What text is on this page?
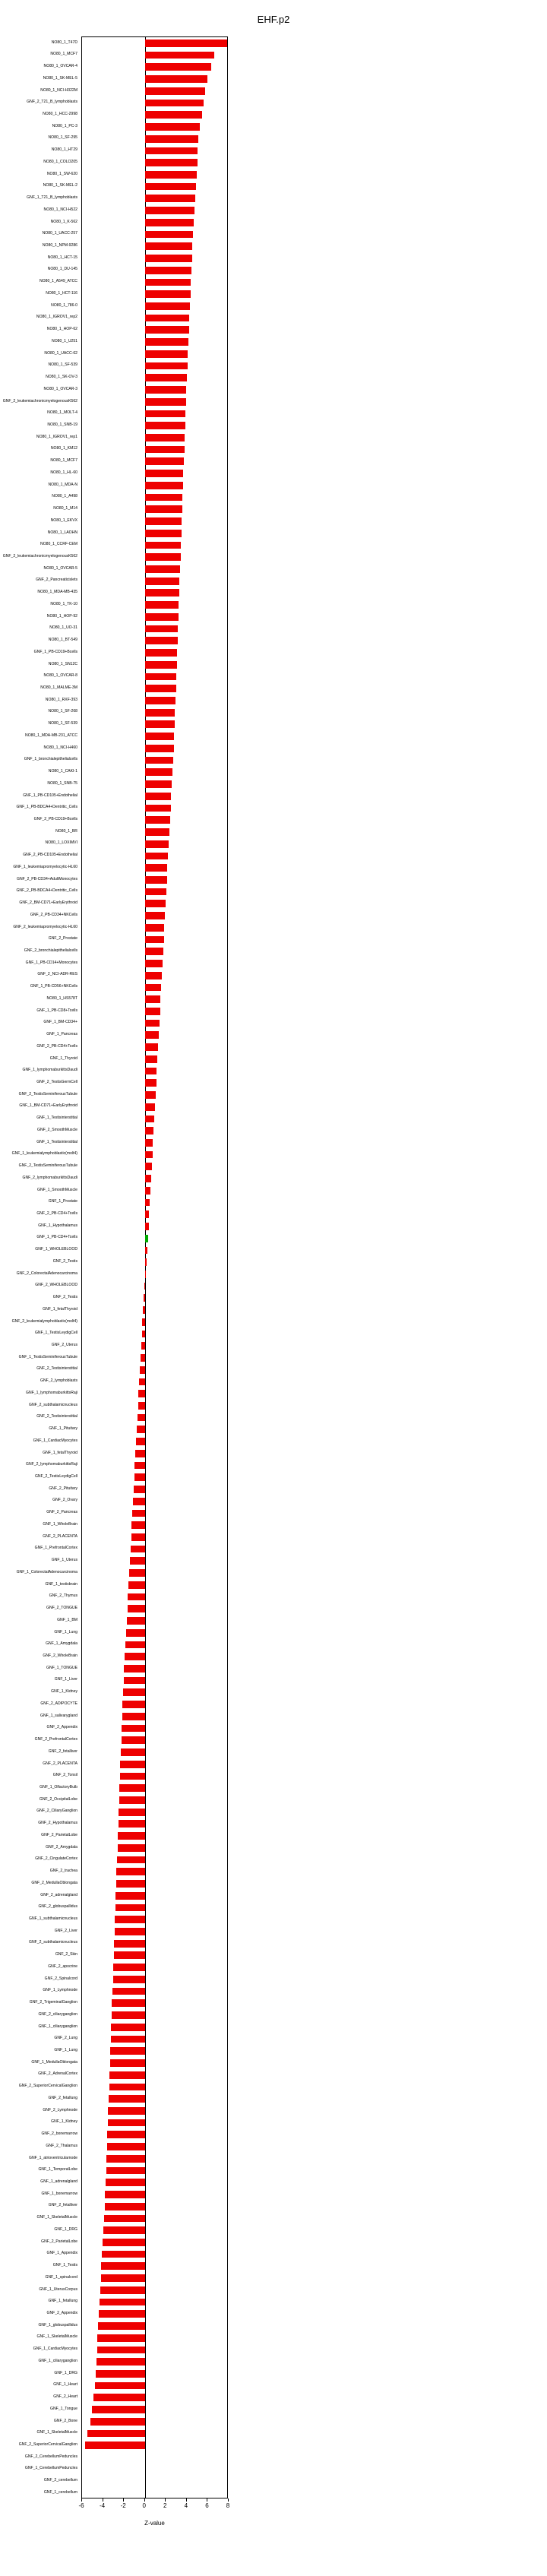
EHF.p2
NO80_1_T47D
NO80_1_MCF7
NO80_1_OVCAR-4
NO80_1_SK-MEL-5
NO80_1_NCI-H322M
GNF_2_T21_B_lymphoblasts
NO80_1_HCC-2998
NO80_1_PC-3
NO80_1_SF-295
NO80_1_HT29
NO80_1_COLO205
NO80_1_SW-620
NO80_1_SK-MEL-2
GNF_1_T21_B_lymphoblasts
NO80_1_NCI-H522
NO80_1_K-562
NO80_1_UACC-257
NO80_1_NPM-9286
NO80_1_HCT-15
NO80_1_DU-145
NO80_1_A549_ATCC
NO80_1_HCT-116
NO80_1_786-0
NO80_1_IGROV1_rep2
NO80_1_HOP-62
NO80_1_U251
NO80_1_UACC-62
NO80_1_SF-539
NO80_1_SK-OV-3
NO80_1_OVCAR-3
GNF_2_leukemiachronicmyelogenousK562
NO80_1_MOLT-4
NO80_1_SNB-19
NO80_1_IGROV1_rep1
NO80_1_KM12
NO80_1_MCF7
NO80_1_HL-60
NO80_1_MDA-N
NO80_1_A498
NO80_1_M14
NO80_1_EKVX
NO80_1_LAOHN
NO80_1_CCRF-CEM
GNF_2_leukemiachronicmyelogenousK562
NO80_1_OVCAR-5
GNF_2_Pancreaticislets
NO80_1_MDA-MB-435
NO80_1_TK-10
NO80_1_HOP-92
NO80_1_UO-31
NO80_1_BT-549
GNF_1_PB-CD19+Bcells
NO80_1_SN12C
NO80_1_OVCAR-8
NO80_1_MALME-3M
NO80_1_RXF-393
NO80_1_SF-268
NO80_1_SF-539
NO80_1_MDA-MB-231_ATCC
NO80_1_NCI-H460
GNF_1_bronchialepithelialcells
NO80_1_CAKI-1
NO80_1_SNB-75
GNF_1_PB-CD105+Endothelial
GNF_1_PB-BDCA4+Dentritic_Cells
GNF_2_PB-CD19+Bcells
NO80_1_BR
NO80_1_LOXIMVI
GNF_2_PB-CD105+Endothelial
GNF_1_leukemiapromyelocytic-HL60
GNF_2_PB-CD34+AdultMonocytes
GNF_2_PB-BDCA4+Dentritic_Cells
GNF_2_BM-CD71+EarlyErythroid
GNF_2_PB-CD34+NKCells
GNF_2_leukemiapromyelocytic-HL60
GNF_2_Prostate
GNF_2_bronchialepithelialcells
GNF_1_PB-CD14+Monocytes
GNF_2_NCI-ADR-RES
GNF_1_PB-CD56+NKCells
NO80_1_HS578T
GNF_1_PB-CD8+Tcells
GNF_1_BM-CD34+
GNF_1_Pancreas
GNF_2_PB-CD4+Tcells
GNF_1_Thyroid
GNF_1_lymphomaburkittsDaudi
GNF_2_TestisGermCell
GNF_2_TestisSeminiferousTubule
GNF_1_BM-CD71+EarlyErythroid
GNF_1_Testisinterstitial
GNF_2_SmoothMuscle
GNF_1_Testisinterstitial
GNF_1_leukemialymphoblastic(molt4)
GNF_2_TestisSeminiferousTubule
GNF_2_lymphomaburkittsDaudi
GNF_1_SmoothMuscle
GNF_1_Prostate
GNF_2_PB-CD4+Tcells
GNF_1_Hypothalamus
GNF_1_PB-CD4+Tcells
GNF_1_WHOLEBLOOD
GNF_2_Testis
GNF_2_ColorectalAdenocarcinoma
GNF_2_WHOLEBLOOD
GNF_2_Testis
GNF_1_fetalThyroid
GNF_2_leukemialymphoblastic(molt4)
GNF_1_TestisLeydigCell
GNF_2_Uterus
GNF_1_TestisSeminiferousTubule
GNF_2_Testisinterstitial
GNF_2_lymphoblasts
GNF_1_lymphomaburkittsRaji
GNF_2_subthalamicnucleus
GNF_2_Testisinterstitial
GNF_1_Pituitary
GNF_1_CardiacMyocytes
GNF_1_fetalThyroid
GNF_2_lymphomaburkittsRaji
GNF_2_TestisLeydigCell
GNF_2_Pituitary
GNF_2_Ovary
GNF_2_Pancreas
GNF_1_WholeBrain
GNF_2_PLACENTA
GNF_1_PrefrontalCortex
GNF_1_Uterus
GNF_1_ColorectalAdenocarcinoma
GNF_1_testisbrain
GNF_2_Thymus
GNF_2_TONGUE
GNF_1_BM
GNF_1_Lung
GNF_1_Amygdala
GNF_2_WholeBrain
GNF_1_TONGUE
GNF_1_Liver
GNF_1_Kidney
GNF_2_ADIPOCYTE
GNF_1_salivarygland
GNF_2_Appendix
GNF_2_PrefrontalCortex
GNF_2_fetalliver
GNF_2_PLACENTA
GNF_2_Tonsil
GNF_1_OlfactoryBulb
GNF_2_OccipitalLobe
GNF_2_CiliaryGanglion
GNF_2_Hypothalamus
GNF_2_ParietalLobe
GNF_2_Amygdala
GNF_2_CingulateCortex
GNF_2_trachea
GNF_2_MedullaOblongata
GNF_2_adrenalgland
GNF_2_globuspallidus
GNF_1_subthalamicnucleus
GNF_2_Liver
GNF_2_subthalamicnucleus
GNF_2_Skin
GNF_2_apocrine
GNF_2_Spinalcord
GNF_1_Lymphnode
GNF_2_TrigeminalGanglion
GNF_2_ciliaryganglion
GNF_1_ciliaryganglion
GNF_2_Lung
GNF_1_Lung
GNF_1_MedullaOblongata
GNF_2_AdrenalCortex
GNF_2_SuperiorCervicalGanglion
GNF_2_fetallung
GNF_2_Lymphnode
GNF_1_Kidney
GNF_2_bonemarrow
GNF_2_Thalamus
GNF_1_atrioventricularnode
GNF_1_TemporalLobe
GNF_1_adrenalgland
GNF_1_bonemarrow
GNF_2_fetalliver
GNF_1_SkeletalMuscle
GNF_1_DRG
GNF_2_ParietalLobe
GNF_1_Appendix
GNF_1_Testis
GNF_1_spinalcord
GNF_1_UterusCorpus
GNF_1_fetallung
GNF_2_Appendix
GNF_1_globuspallidus
GNF_1_SkeletalMuscle
GNF_1_CardiacMyocytes
GNF_1_ciliaryganglion
GNF_1_DRG
GNF_1_Heart
GNF_2_Heart
GNF_1_Tongue
GNF_2_Bone
GNF_1_SkeletalMuscle
GNF_2_SuperiorCervicalGanglion
GNF_2_CerebellumPeduncles
GNF_1_CerebellumPeduncles
GNF_2_cerebellum
GNF_1_cerebellum
-6	-4	-2	0	2	4	6	8
Z-value
